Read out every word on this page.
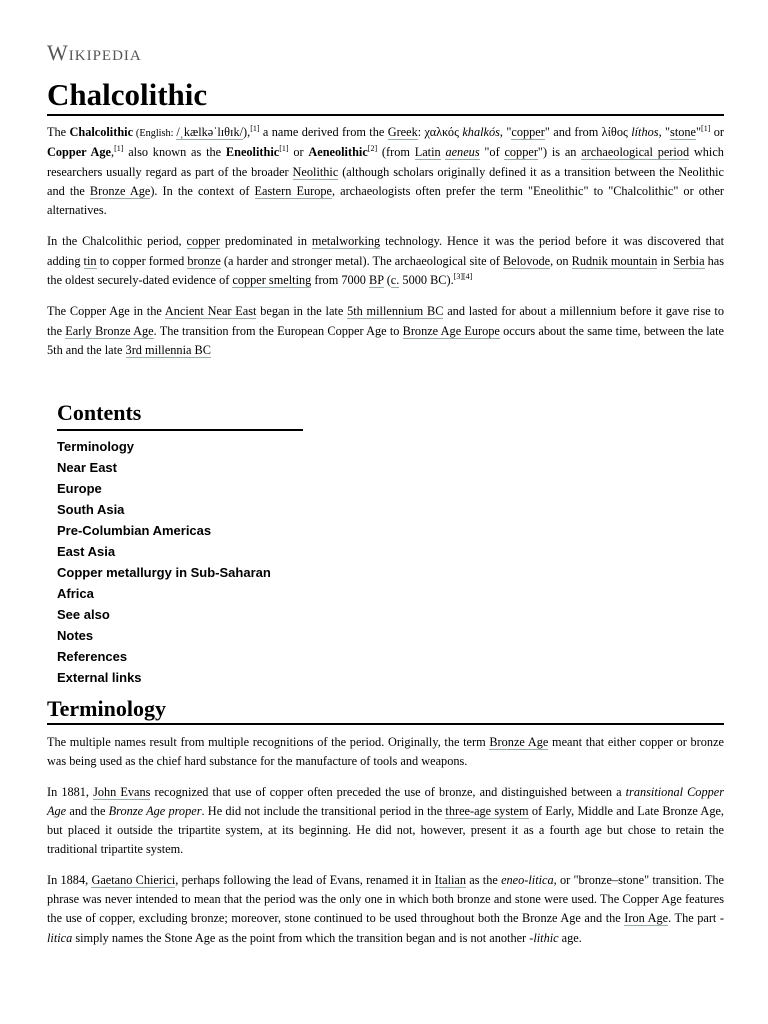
Wikipedia
Chalcolithic

The Chalcolithic (English: /ˌkælkəˈlɪθɪk/),[1] a name derived from the Greek: χαλκός khalkós, "copper" and from λίθος líthos, "stone"[1] or Copper Age,[1] also known as the Eneolithic[1] or Aeneolithic[2] (from Latin aeneus "of copper") is an archaeological period which researchers usually regard as part of the broader Neolithic (although scholars originally defined it as a transition between the Neolithic and the Bronze Age). In the context of Eastern Europe, archaeologists often prefer the term "Eneolithic" to "Chalcolithic" or other alternatives.

In the Chalcolithic period, copper predominated in metalworking technology. Hence it was the period before it was discovered that adding tin to copper formed bronze (a harder and stronger metal). The archaeological site of Belovode, on Rudnik mountain in Serbia has the oldest securely-dated evidence of copper smelting from 7000 BP (c. 5000 BC).[3][4]

The Copper Age in the Ancient Near East began in the late 5th millennium BC and lasted for about a millennium before it gave rise to the Early Bronze Age. The transition from the European Copper Age to Bronze Age Europe occurs about the same time, between the late 5th and the late 3rd millennia BC

Contents
Terminology
Near East
Europe
South Asia
Pre-Columbian Americas
East Asia
Copper metallurgy in Sub-Saharan Africa
See also
Notes
References
External links
Terminology

The multiple names result from multiple recognitions of the period. Originally, the term Bronze Age meant that either copper or bronze was being used as the chief hard substance for the manufacture of tools and weapons.

In 1881, John Evans recognized that use of copper often preceded the use of bronze, and distinguished between a transitional Copper Age and the Bronze Age proper. He did not include the transitional period in the three-age system of Early, Middle and Late Bronze Age, but placed it outside the tripartite system, at its beginning. He did not, however, present it as a fourth age but chose to retain the traditional tripartite system.

In 1884, Gaetano Chierici, perhaps following the lead of Evans, renamed it in Italian as the eneo-litica, or "bronze–stone" transition. The phrase was never intended to mean that the period was the only one in which both bronze and stone were used. The Copper Age features the use of copper, excluding bronze; moreover, stone continued to be used throughout both the Bronze Age and the Iron Age. The part -litica simply names the Stone Age as the point from which the transition began and is not another -lithic age.
